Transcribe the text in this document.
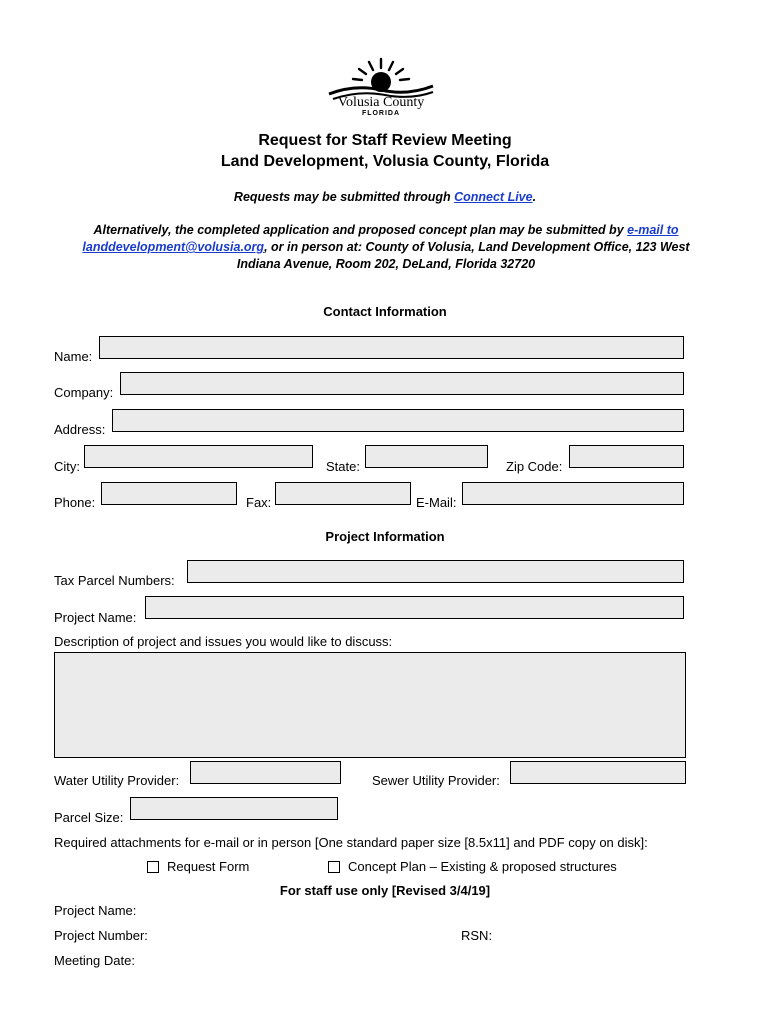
Volusia County
FLORIDA
Request for Staff Review Meeting
Land Development, Volusia County, Florida
Requests may be submitted through Connect Live.
Alternatively, the completed application and proposed concept plan may be submitted by e-mail to landdevelopment@volusia.org, or in person at: County of Volusia, Land Development Office, 123 West Indiana Avenue, Room 202, DeLand, Florida 32720
Contact Information
Name:
Company:
Address:
City:	State:	Zip Code:
Phone:	Fax:	E-Mail:
Project Information
Tax Parcel Numbers:
Project Name:
Description of project and issues you would like to discuss:
Water Utility Provider:	Sewer Utility Provider:
Parcel Size:
Required attachments for e-mail or in person [One standard paper size [8.5x11] and PDF copy on disk]:
Request Form	Concept Plan – Existing & proposed structures
For staff use only [Revised 3/4/19]
Project Name:
Project Number:	RSN:
Meeting Date:
